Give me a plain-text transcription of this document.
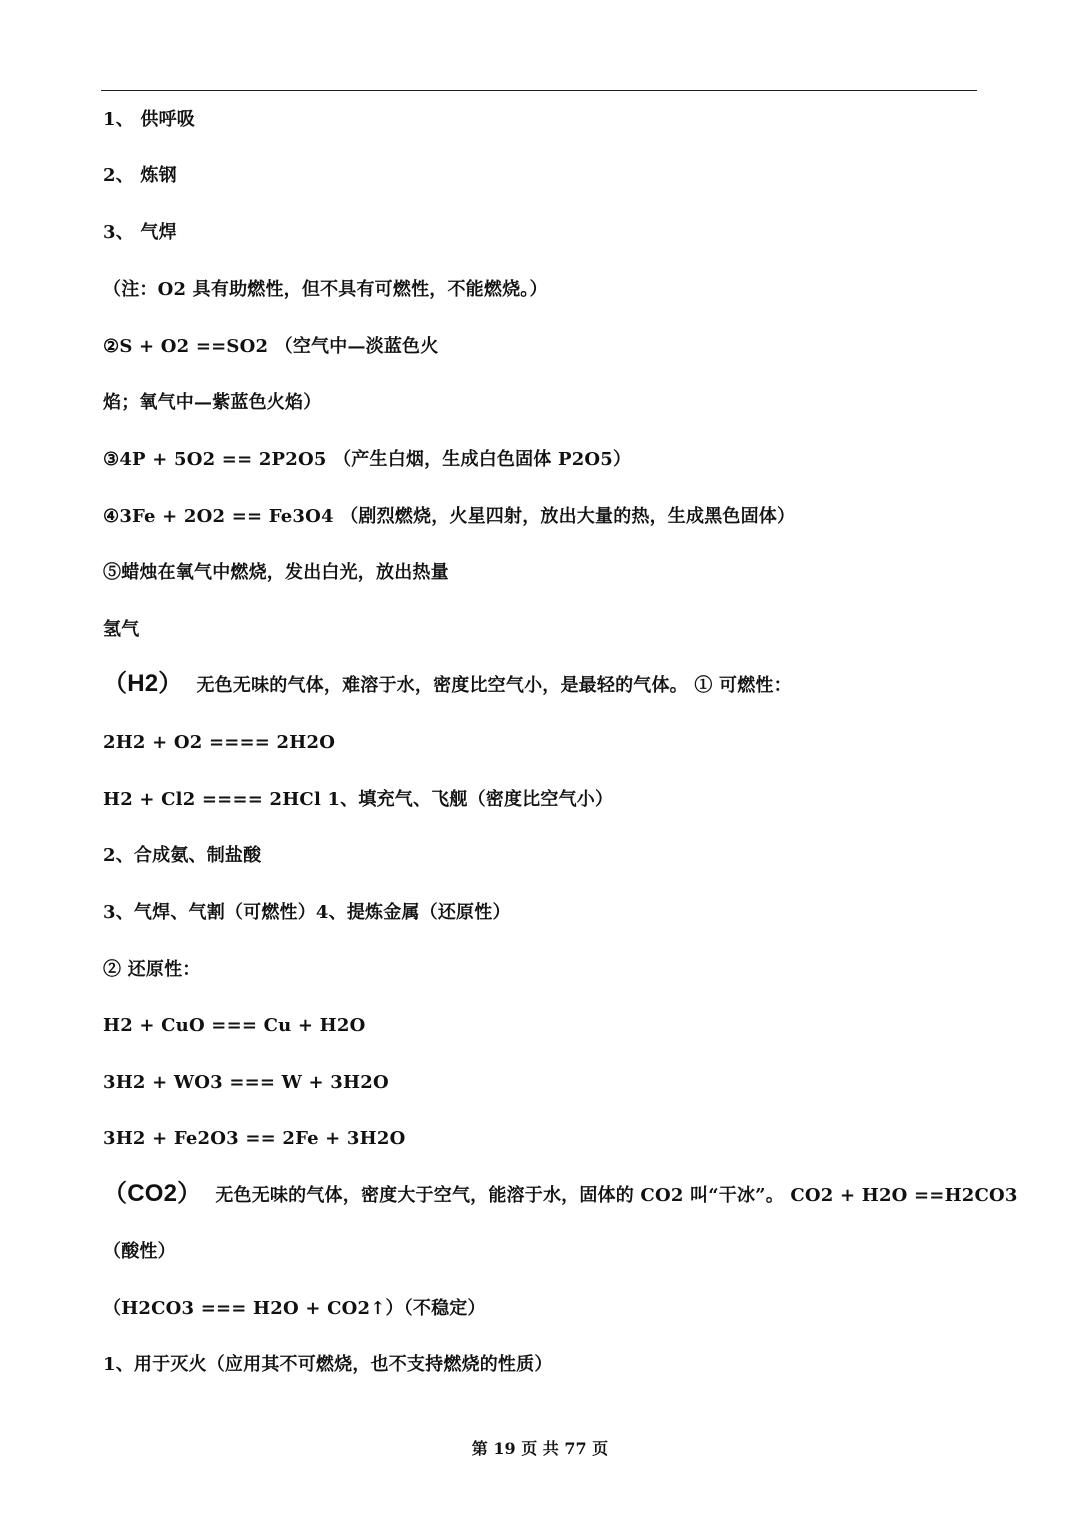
1、 供呼吸
2、 炼钢
3、 气焊
（注：O2 具有助燃性，但不具有可燃性，不能燃烧。）
②S + O2 ==SO2 （空气中—淡蓝色火
焰；氧气中—紫蓝色火焰）
③4P + 5O2 == 2P2O5 （产生白烟，生成白色固体 P2O5）
④3Fe + 2O2 == Fe3O4 （剧烈燃烧，火星四射，放出大量的热，生成黑色固体）
⑤蜡烛在氧气中燃烧，发出白光，放出热量
氢气
（H2） 无色无味的气体，难溶于水，密度比空气小，是最轻的气体。 ① 可燃性：
2H2 + O2 ==== 2H2O
H2 + Cl2 ==== 2HCl 1、填充气、飞舰（密度比空气小）
2、合成氨、制盐酸
3、气焊、气割（可燃性）4、提炼金属（还原性）
② 还原性：
H2 + CuO === Cu + H2O
3H2 + WO3 === W + 3H2O
3H2 + Fe2O3 == 2Fe + 3H2O
（CO2） 无色无味的气体，密度大于空气，能溶于水，固体的 CO2 叫“干冰”。 CO2 + H2O ==H2CO3
（酸性）
（H2CO3 === H2O + CO2↑）（不稳定）
1、用于灭火（应用其不可燃烧，也不支持燃烧的性质）
第 19 页 共 77 页
